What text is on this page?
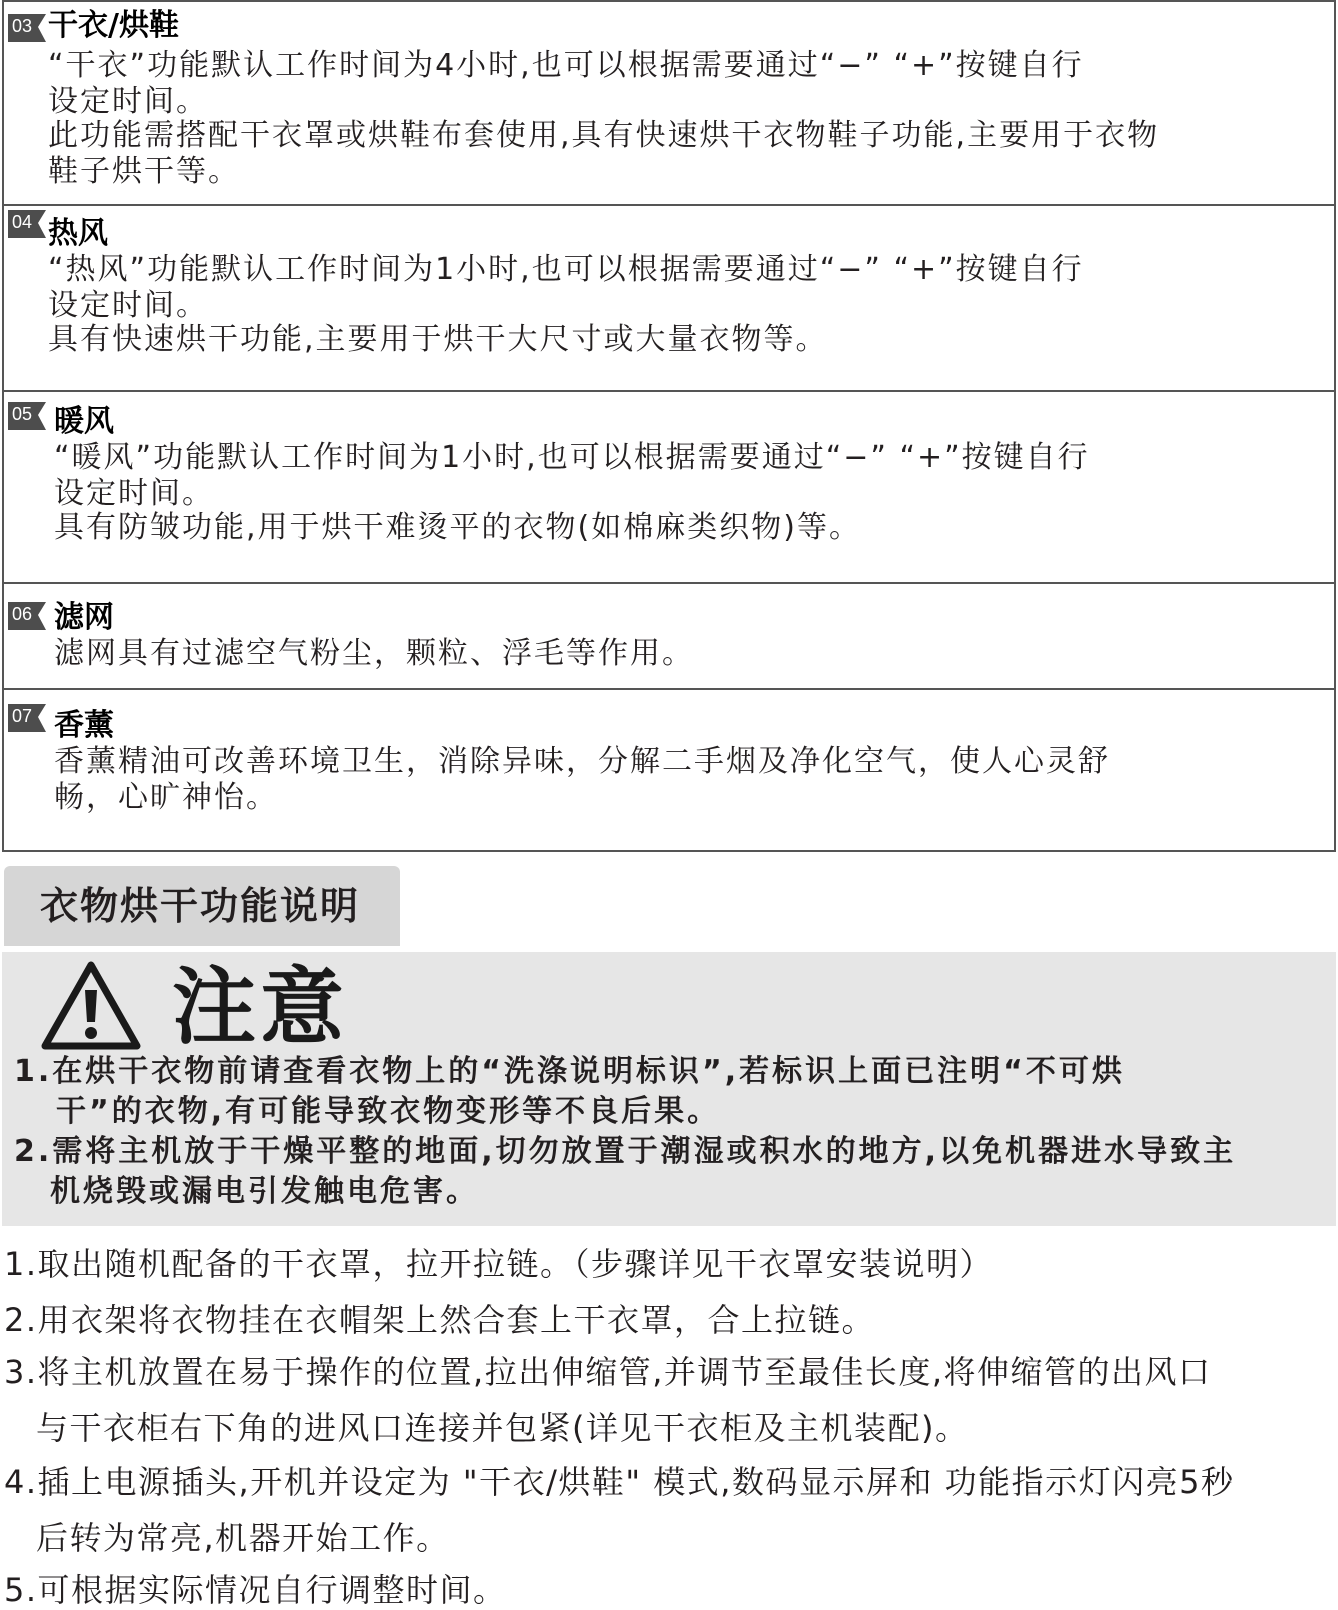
03 干衣/烘鞋
“干衣”功能默认工作时间为4小时,也可以根据需要通过“−” “+”按键自行
设定时间。
此功能需搭配干衣罩或烘鞋布套使用,具有快速烘干衣物鞋子功能,主要用于衣物
鞋子烘干等。
04 热风
“热风”功能默认工作时间为1小时,也可以根据需要通过“−” “+”按键自行
设定时间。
具有快速烘干功能,主要用于烘干大尺寸或大量衣物等。
05 暖风
“暖风”功能默认工作时间为1小时,也可以根据需要通过“−” “+”按键自行
设定时间。
具有防皱功能,用于烘干难烫平的衣物(如棉麻类织物)等。
06 滤网
滤网具有过滤空气粉尘，颗粒、浮毛等作用。
07 香薰
香薰精油可改善环境卫生，消除异味，分解二手烟及净化空气，使人心灵舒
畅，心旷神怡。
衣物烘干功能说明
注意
1.在烘干衣物前请查看衣物上的“洗涤说明标识”,若标识上面已注明“不可烘
干”的衣物,有可能导致衣物变形等不良后果。
2.需将主机放于干燥平整的地面,切勿放置于潮湿或积水的地方,以免机器进水导致主
机烧毁或漏电引发触电危害。
1.取出随机配备的干衣罩，拉开拉链。（步骤详见干衣罩安装说明）
2.用衣架将衣物挂在衣帽架上然合套上干衣罩，合上拉链。
3.将主机放置在易于操作的位置,拉出伸缩管,并调节至最佳长度,将伸缩管的出风口
与干衣柜右下角的进风口连接并包紧(详见干衣柜及主机装配)。
4.插上电源插头,开机并设定为 "干衣/烘鞋" 模式,数码显示屏和 功能指示灯闪亮5秒
后转为常亮,机器开始工作。
5.可根据实际情况自行调整时间。
